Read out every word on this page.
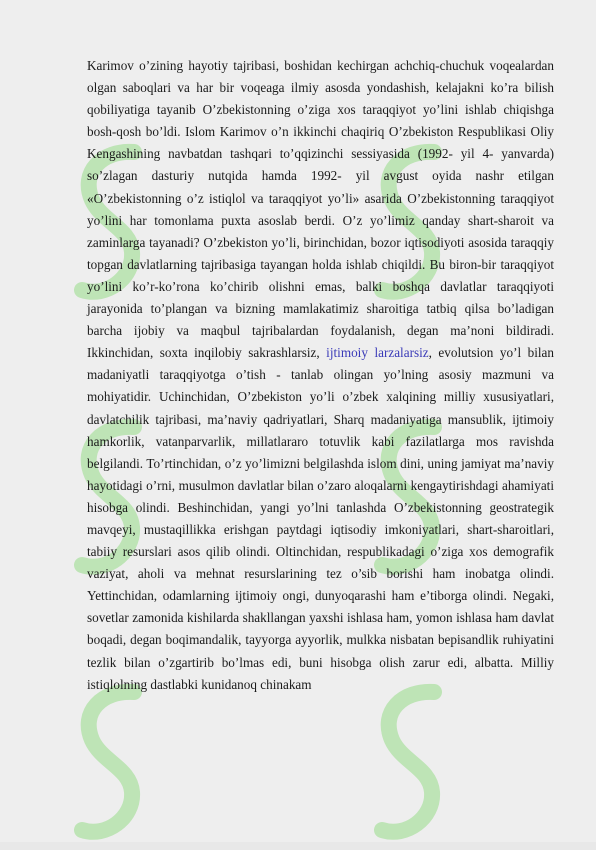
Karimov o’zining hayotiy tajribasi, boshidan kechirgan achchiq-chuchuk voqealardan olgan saboqlari va har bir voqeaga ilmiy asosda yondashish, kelajakni ko’ra bilish qobiliyatiga tayanib O’zbekistonning o’ziga xos taraqqiyot yo’lini ishlab chiqishga bosh-qosh bo’ldi. Islom Karimov o’n ikkinchi chaqiriq O’zbekiston Respublikasi Oliy Kengashining navbatdan tashqari to’qqizinchi sessiyasida (1992- yil 4- yanvarda) so’zlagan dasturiy nutqida hamda 1992- yil avgust oyida nashr etilgan «O’zbekistonning o’z istiqlol va taraqqiyot yo’li» asarida O’zbekistonning taraqqiyot yo’lini har tomonlama puxta asoslab berdi. O’z yo’limiz qanday shart-sharoit va zaminlarga tayanadi? O’zbekiston yo’li, birinchidan, bozor iqtisodiyoti asosida taraqqiy topgan davlatlarning tajribasiga tayangan holda ishlab chiqildi. Bu biron-bir taraqqiyot yo’lini ko’r-ko’rona ko’chirib olishni emas, balki boshqa davlatlar taraqqiyoti jarayonida to’plangan va bizning mamlakatimiz sharoitiga tatbiq qilsa bo’ladigan barcha ijobiy va maqbul tajribalardan foydalanish, degan ma’noni bildiradi. Ikkinchidan, soxta inqilobiy sakrashlarsiz, ijtimoiy larzalarsiz, evolutsion yo’l bilan madaniyatli taraqqiyotga o’tish - tanlab olingan yo’lning asosiy mazmuni va mohiyatidir. Uchinchidan, O’zbekiston yo’li o’zbek xalqining milliy xususiyatlari, davlatchilik tajribasi, ma’naviy qadriyatlari, Sharq madaniyatiga mansublik, ijtimoiy hamkorlik, vatanparvarlik, millatlararo totuvlik kabi fazilatlarga mos ravishda belgilandi. To’rtinchidan, o’z yo’limizni belgilashda islom dini, uning jamiyat ma’naviy hayotidagi o’rni, musulmon davlatlar bilan o’zaro aloqalarni kengaytirishdagi ahamiyati hisobga olindi. Beshinchidan, yangi yo’lni tanlashda O’zbekistonning geostrategik mavqeyi, mustaqillikka erishgan paytdagi iqtisodiy imkoniyatlari, shart-sharoitlari, tabiiy resurslari asos qilib olindi. Oltinchidan, respublikadagi o’ziga xos demografik vaziyat, aholi va mehnat resurslarining tez o’sib borishi ham inobatga olindi. Yettinchidan, odamlarning ijtimoiy ongi, dunyoqarashi ham e’tiborga olindi. Negaki, sovetlar zamonida kishilarda shakllangan yaxshi ishlasa ham, yomon ishlasa ham davlat boqadi, degan boqimandalik, tayyorga ayyorlik, mulkka nisbatan bepisandlik ruhiyatini tezlik bilan o’zgartirib bo’lmas edi, buni hisobga olish zarur edi, albatta. Milliy istiqlolning dastlabki kunidanoq chinakam
